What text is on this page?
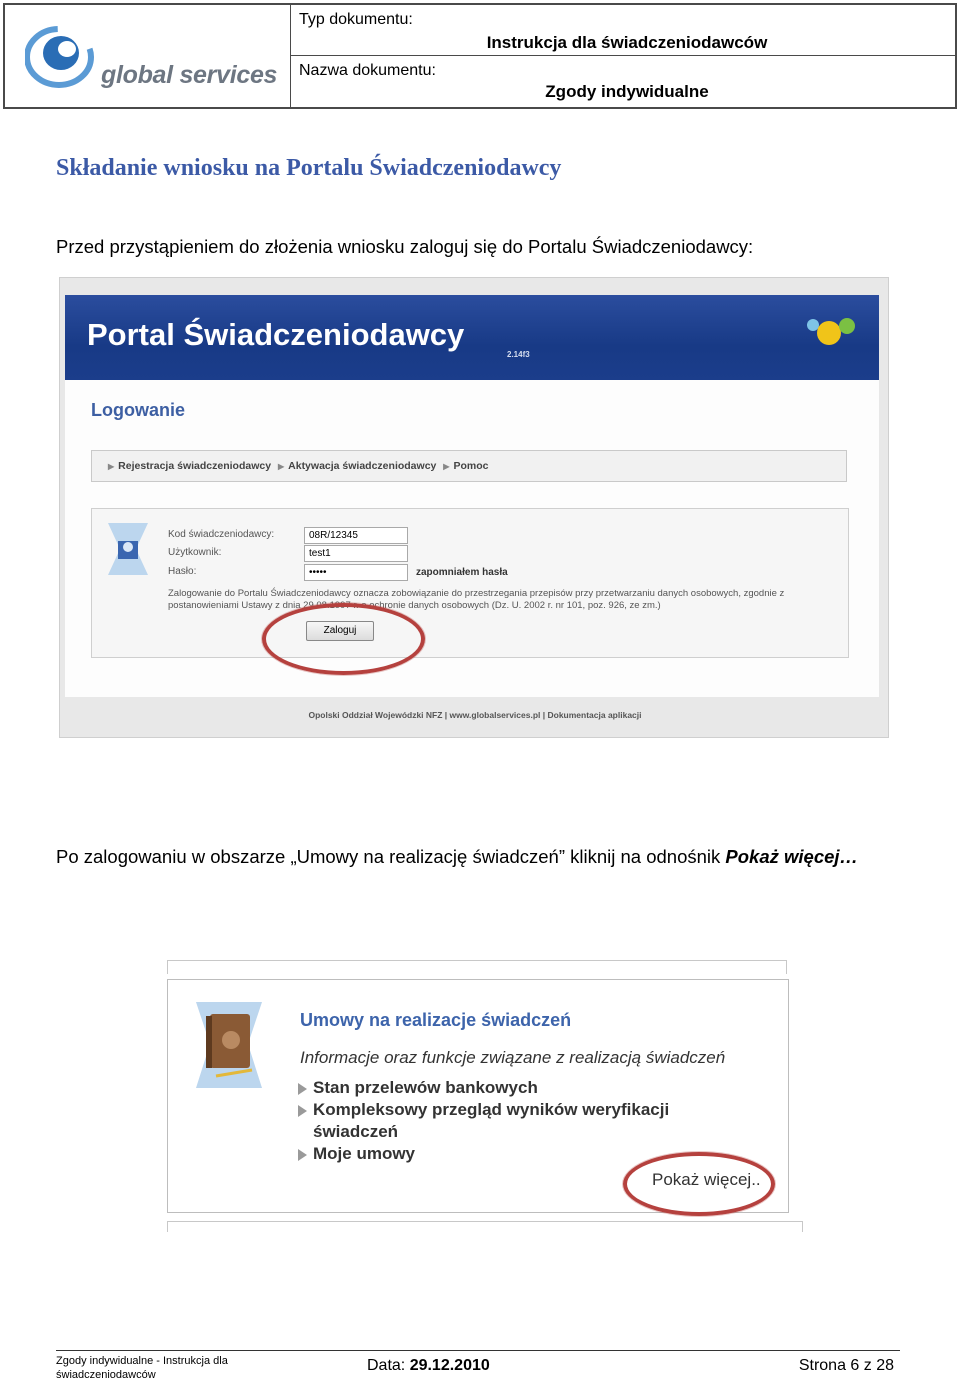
global services
Typ dokumentu:
Instrukcja dla świadczeniodawców
Nazwa dokumentu:
Zgody indywidualne
Składanie wniosku na Portalu Świadczeniodawcy
Przed przystąpieniem do złożenia wniosku zaloguj się do Portalu Świadczeniodawcy:
Portal Świadczeniodawcy
2.14f3
Logowanie
▶ Rejestracja świadczeniodawcy ▶ Aktywacja świadczeniodawcy ▶ Pomoc
Kod świadczeniodawcy:	08R/12345
Użytkownik:	test1
Hasło:	•••••	zapomniałem hasła
Zalogowanie do Portalu Świadczeniodawcy oznacza zobowiązanie do przestrzegania przepisów przy przetwarzaniu danych osobowych, zgodnie z postanowieniami Ustawy z dnia 29.08.1997 r. o ochronie danych osobowych (Dz. U. 2002 r. nr 101, poz. 926, ze zm.)
Zaloguj
Opolski Oddział Wojewódzki NFZ | www.globalservices.pl | Dokumentacja aplikacji
Po zalogowaniu w obszarze „Umowy na realizację świadczeń” kliknij na odnośnik Pokaż więcej…
Umowy na realizacje świadczeń
Informacje oraz funkcje związane z realizacją świadczeń
Stan przelewów bankowych
Kompleksowy przegląd wyników weryfikacji świadczeń
Moje umowy
Pokaż więcej..
Zgody indywidualne - Instrukcja dla świadczeniodawców
Data: 29.12.2010	Strona 6 z 28
